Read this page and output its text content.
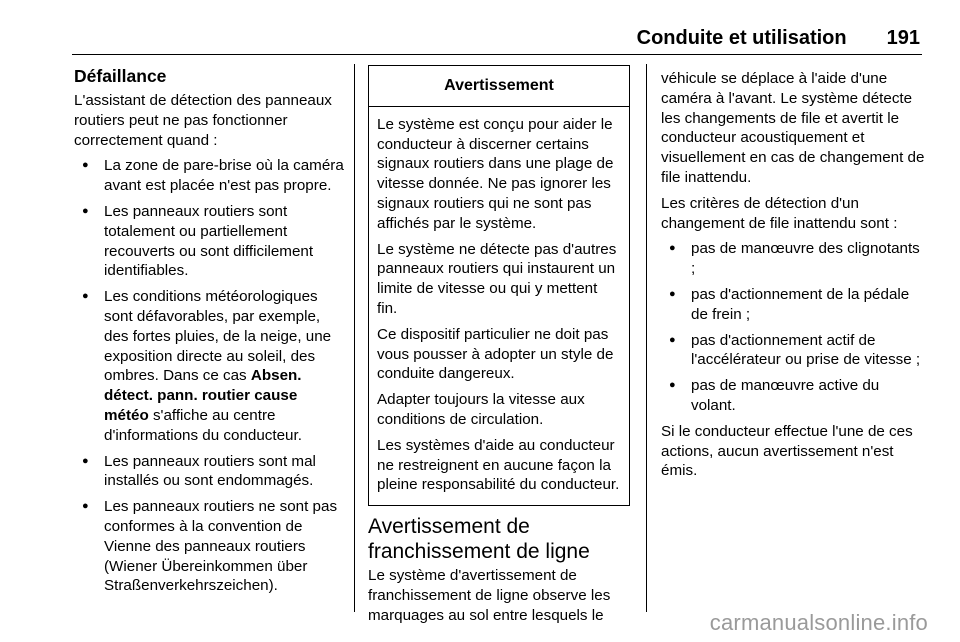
Conduite et utilisation 191
Défaillance

L'assistant de détection des panneaux routiers peut ne pas fonctionner correctement quand :

● La zone de pare-brise où la caméra avant est placée n'est pas propre.
● Les panneaux routiers sont totalement ou partiellement recouverts ou sont difficilement identifiables.
● Les conditions météorologiques sont défavorables, par exemple, des fortes pluies, de la neige, une exposition directe au soleil, des ombres. Dans ce cas Absen. détect. pann. routier cause météo s'affiche au centre d'informations du conducteur.
● Les panneaux routiers sont mal installés ou sont endommagés.
● Les panneaux routiers ne sont pas conformes à la convention de Vienne des panneaux routiers (Wiener Übereinkommen über Straßenverkehrszeichen).
Avertissement

Le système est conçu pour aider le conducteur à discerner certains signaux routiers dans une plage de vitesse donnée. Ne pas ignorer les signaux routiers qui ne sont pas affichés par le système.

Le système ne détecte pas d'autres panneaux routiers qui instaurent un limite de vitesse ou qui y mettent fin.

Ce dispositif particulier ne doit pas vous pousser à adopter un style de conduite dangereux.

Adapter toujours la vitesse aux conditions de circulation.

Les systèmes d'aide au conducteur ne restreignent en aucune façon la pleine responsabilité du conducteur.

Avertissement de franchissement de ligne

Le système d'avertissement de franchissement de ligne observe les marquages au sol entre lesquels le

véhicule se déplace à l'aide d'une caméra à l'avant. Le système détecte les changements de file et avertit le conducteur acoustiquement et visuellement en cas de changement de file inattendu.

Les critères de détection d'un changement de file inattendu sont :

● pas de manœuvre des clignotants ;
● pas d'actionnement de la pédale de frein ;
● pas d'actionnement actif de l'accélérateur ou prise de vitesse ;
● pas de manœuvre active du volant.

Si le conducteur effectue l'une de ces actions, aucun avertissement n'est émis.

carmanualsonline.info
